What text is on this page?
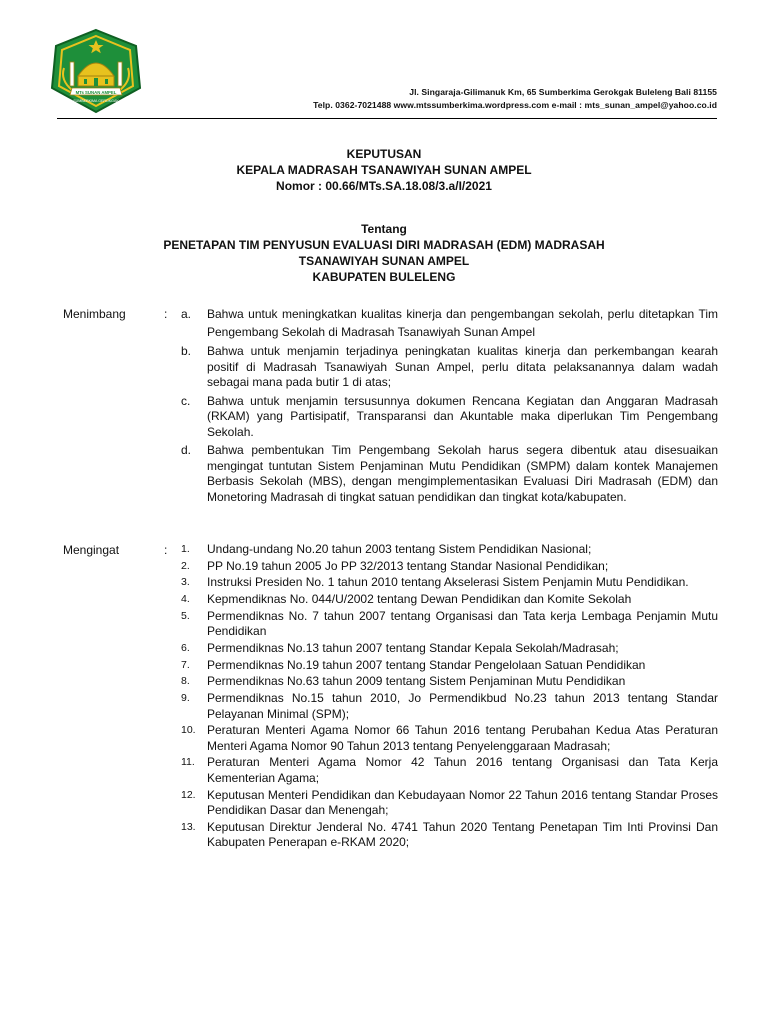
MTs SUNAN AMPEL
SUMBERKIMA GEROKGAK
Jl. Singaraja-Gilimanuk Km, 65 Sumberkima Gerokgak Buleleng Bali 81155
Telp. 0362-7021488 www.mtssumberkima.wordpress.com e-mail : mts_sunan_ampel@yahoo.co.id
KEPUTUSAN
KEPALA MADRASAH TSANAWIYAH SUNAN AMPEL
Nomor : 00.66/MTs.SA.18.08/3.a/I/2021
Tentang
PENETAPAN TIM PENYUSUN EVALUASI DIRI MADRASAH (EDM) MADRASAH
TSANAWIYAH SUNAN AMPEL
KABUPATEN BULELENG
Menimbang	: a. Bahwa untuk meningkatkan kualitas kinerja dan pengembangan sekolah, perlu ditetapkan Tim Pengembang Sekolah di Madrasah Tsanawiyah Sunan Ampel
b. Bahwa untuk menjamin terjadinya peningkatan kualitas kinerja dan perkembangan kearah positif di Madrasah Tsanawiyah Sunan Ampel, perlu ditata pelaksanannya dalam wadah sebagai mana pada butir 1 di atas;
c. Bahwa untuk menjamin tersusunnya dokumen Rencana Kegiatan dan Anggaran Madrasah (RKAM) yang Partisipatif, Transparansi dan Akuntable maka diperlukan Tim Pengembang Sekolah.
d. Bahwa pembentukan Tim Pengembang Sekolah harus segera dibentuk atau disesuaikan mengingat tuntutan Sistem Penjaminan Mutu Pendidikan (SMPM) dalam kontek Manajemen Berbasis Sekolah (MBS), dengan mengimplementasikan Evaluasi Diri Madrasah (EDM) dan Monetoring Madrasah di tingkat satuan pendidikan dan tingkat kota/kabupaten.
Mengingat	: 1. Undang-undang No.20 tahun 2003 tentang Sistem Pendidikan Nasional;
2. PP No.19 tahun 2005 Jo PP 32/2013 tentang Standar Nasional Pendidikan;
3. Instruksi Presiden No. 1 tahun 2010 tentang Akselerasi Sistem Penjamin Mutu Pendidikan.
4. Kepmendiknas No. 044/U/2002 tentang Dewan Pendidikan dan Komite Sekolah
5. Permendiknas No. 7 tahun 2007 tentang Organisasi dan Tata kerja Lembaga Penjamin Mutu Pendidikan
6. Permendiknas No.13 tahun 2007 tentang Standar Kepala Sekolah/Madrasah;
7. Permendiknas No.19 tahun 2007 tentang Standar Pengelolaan Satuan Pendidikan
8. Permendiknas No.63 tahun 2009 tentang Sistem Penjaminan Mutu Pendidikan
9. Permendiknas No.15 tahun 2010, Jo Permendikbud No.23 tahun 2013 tentang Standar Pelayanan Minimal (SPM);
10. Peraturan Menteri Agama Nomor 66 Tahun 2016 tentang Perubahan Kedua Atas Peraturan Menteri Agama Nomor 90 Tahun 2013 tentang Penyelenggaraan Madrasah;
11. Peraturan Menteri Agama Nomor 42 Tahun 2016 tentang Organisasi dan Tata Kerja Kementerian Agama;
12. Keputusan Menteri Pendidikan dan Kebudayaan Nomor 22 Tahun 2016 tentang Standar Proses Pendidikan Dasar dan Menengah;
13. Keputusan Direktur Jenderal No. 4741 Tahun 2020 Tentang Penetapan Tim Inti Provinsi Dan Kabupaten Penerapan e-RKAM 2020;
